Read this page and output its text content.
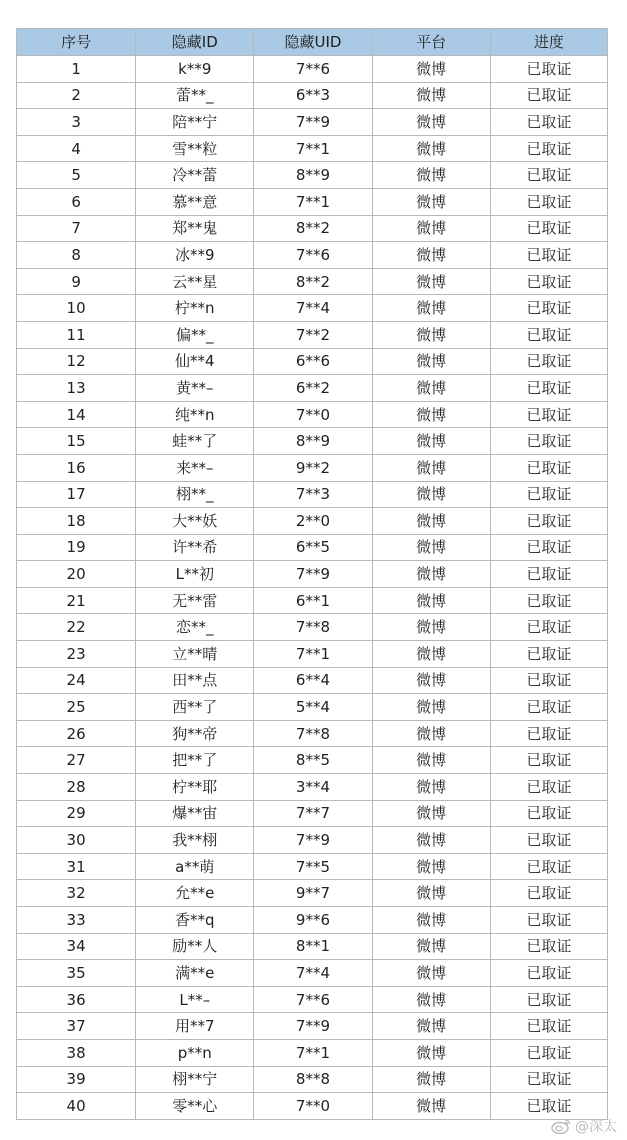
序号	隐藏ID	隐藏UID	平台	进度
1	k**9	7**6	微博	已取证
2	蕾**_	6**3	微博	已取证
3	陪**宁	7**9	微博	已取证
4	雪**粒	7**1	微博	已取证
5	冷**蕾	8**9	微博	已取证
6	慕**意	7**1	微博	已取证
7	郑**鬼	8**2	微博	已取证
8	冰**9	7**6	微博	已取证
9	云**星	8**2	微博	已取证
10	柠**n	7**4	微博	已取证
11	偏**_	7**2	微博	已取证
12	仙**4	6**6	微博	已取证
13	黄**–	6**2	微博	已取证
14	纯**n	7**0	微博	已取证
15	蛙**了	8**9	微博	已取证
16	来**–	9**2	微博	已取证
17	栩**_	7**3	微博	已取证
18	大**妖	2**0	微博	已取证
19	许**希	6**5	微博	已取证
20	L**初	7**9	微博	已取证
21	无**雷	6**1	微博	已取证
22	恋**_	7**8	微博	已取证
23	立**晴	7**1	微博	已取证
24	田**点	6**4	微博	已取证
25	西**了	5**4	微博	已取证
26	狗**帝	7**8	微博	已取证
27	把**了	8**5	微博	已取证
28	柠**耶	3**4	微博	已取证
29	爆**宙	7**7	微博	已取证
30	我**栩	7**9	微博	已取证
31	a**萌	7**5	微博	已取证
32	允**e	9**7	微博	已取证
33	香**q	9**6	微博	已取证
34	励**人	8**1	微博	已取证
35	满**e	7**4	微博	已取证
36	L**–	7**6	微博	已取证
37	用**7	7**9	微博	已取证
38	p**n	7**1	微博	已取证
39	栩**宁	8**8	微博	已取证
40	零**心	7**0	微博	已取证
@深太
